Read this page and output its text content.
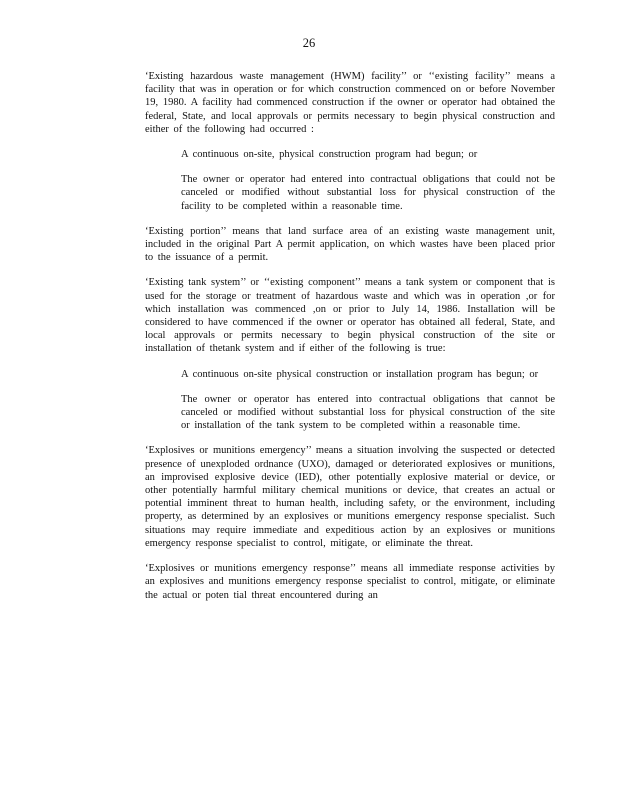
26

‘Existing hazardous waste management (HWM) facility’’ or ‘‘existing facility’’ means a facility that was in operation or for which construction commenced on or before November 19, 1980. A facility had commenced construction if the owner or operator had obtained the federal, State, and local approvals or permits necessary to begin physical construction and either of the following had occurred :

A continuous on-site, physical construction program had begun; or

The owner or operator had entered into contractual obligations that could not be canceled or modified without substantial loss for physical construction of the facility to be completed within a reasonable time.

‘Existing portion’’ means that land surface area of an existing waste management unit, included in the original Part A permit application, on which wastes have been placed prior to the issuance of a permit.

‘Existing tank system’’ or ‘‘existing component’’ means a tank system or component that is used for the storage or treatment of hazardous waste and which was in operation ,or for which installation was commenced ,on or prior to July 14, 1986. Installation will be considered to have commenced if the owner or operator has obtained all federal, State, and local approvals or permits necessary to begin physical construction of the site or installation of thetank system and if either of the following is true:

A continuous on-site physical construction or installation program has begun; or

The owner or operator has entered into contractual obligations that cannot be canceled or modified without substantial loss for physical construction of the site or installation of the tank system to be completed within a reasonable time.

‘Explosives or munitions emergency’’ means a situation involving the suspected or detected presence of unexploded ordnance (UXO), damaged or deteriorated explosives or munitions, an improvised explosive device (IED), other potentially explosive material or device, or other potentially harmful military chemical munitions or device, that creates an actual or potential imminent threat to human health, including safety, or the environment, including property, as determined by an explosives or munitions emergency response specialist. Such situations may require immediate and expeditious action by an explosives or munitions emergency response specialist to control, mitigate, or eliminate the threat.

‘Explosives or munitions emergency response’’ means all immediate response activities by an explosives and munitions emergency response specialist to control, mitigate, or eliminate the actual or poten tial threat encountered during an
